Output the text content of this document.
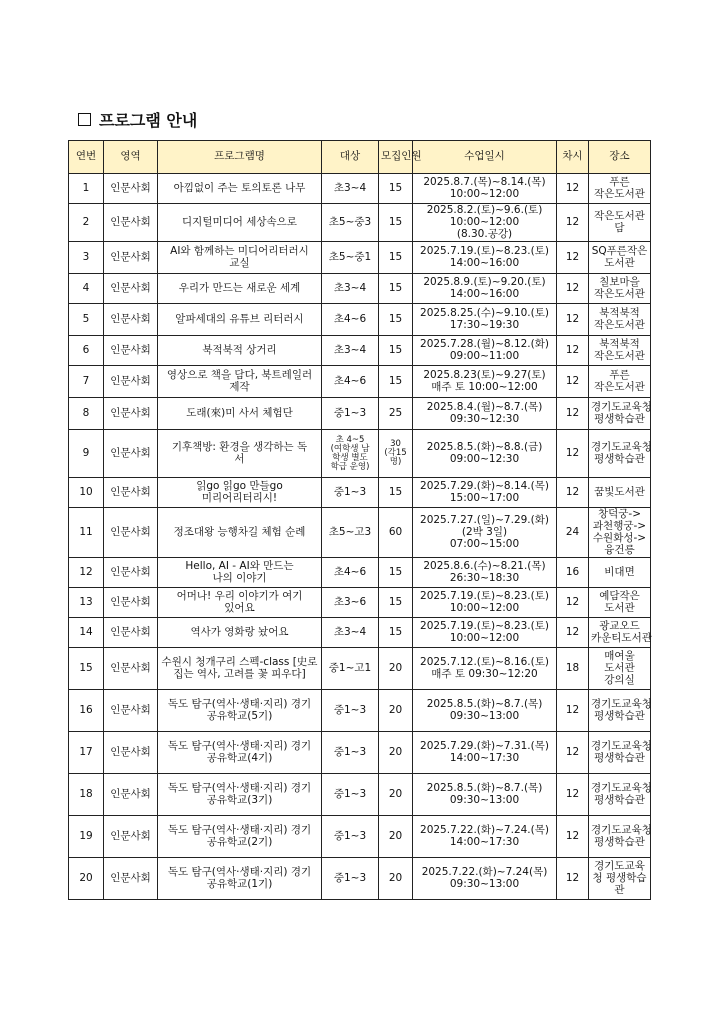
프로그램 안내
연번	영역	프로그램명	대상	모집인원	수업일시	차시	장소

1	인문사회	아낌없이 주는 토의토론 나무	초3~4	15	2025.8.7.(목)~8.14.(목)
10:00~12:00	12	푸른
작은도서관

2	인문사회	디지털미디어 세상속으로	초5~중3	15	2025.8.2.(토)~9.6.(토)
10:00~12:00
(8.30.공강)	12	작은도서관
담

3	인문사회	AI와 함께하는 미디어리터러시
교실	초5~중1	15	2025.7.19.(토)~8.23.(토)
14:00~16:00	12	SQ푸른작은
도서관

4	인문사회	우리가 만드는 새로운 세계	초3~4	15	2025.8.9.(토)~9.20.(토)
14:00~16:00	12	칠보마을
작은도서관

5	인문사회	알파세대의 유튜브 리터러시	초4~6	15	2025.8.25.(수)~9.10.(토)
17:30~19:30	12	북적북적
작은도서관

6	인문사회	북적북적 상거리	초3~4	15	2025.7.28.(월)~8.12.(화)
09:00~11:00	12	북적북적
작은도서관

7	인문사회	영상으로 책을 담다, 북트레일러
제작	초4~6	15	2025.8.23(토)~9.27(토)
매주 토 10:00~12:00	12	푸른
작은도서관

8	인문사회	도래(來)미 사서 체험단	중1~3	25	2025.8.4.(월)~8.7.(목)
09:30~12:30	12	경기도교육청
평생학습관

9	인문사회	기후책방: 환경을 생각하는 독
서	초 4~5
(여학생 남
학생 별도
학급 운영)	30
(각15
명)	2025.8.5.(화)~8.8.(금)
09:00~12:30	12	경기도교육청
평생학습관

10	인문사회	읽go 읽go 만들go 미리어리터리시!	중1~3	15	2025.7.29.(화)~8.14.(목)
15:00~17:00	12	꿈빛도서관

11	인문사회	정조대왕 능행차길 체험 순례	초5~고3	60	2025.7.27.(일)~7.29.(화)
(2박 3일)
07:00~15:00	24	창덕궁->
과천행궁->
수원화성->
융건릉

12	인문사회	Hello, AI - AI와 만드는
나의 이야기	초4~6	15	2025.8.6.(수)~8.21.(목)
26:30~18:30	16	비대면

13	인문사회	어머나! 우리 이야기가 여기
있어요	초3~6	15	2025.7.19.(토)~8.23.(토)
10:00~12:00	12	예담작은
도서관

14	인문사회	역사가 영화랑 놨어요	초3~4	15	2025.7.19.(토)~8.23.(토)
10:00~12:00	12	광교오드
카운티도서관

15	인문사회	수원시 청개구리 스펙-class [史로
집는 역사, 고려를 꽃 피우다]	중1~고1	20	2025.7.12.(토)~8.16.(토)
매주 토 09:30~12:20	18	매여울
도서관
강의실

16	인문사회	독도 탐구(역사·생태·지리) 경기
공유학교(5기)	중1~3	20	2025.8.5.(화)~8.7.(목)
09:30~13:00	12	경기도교육청
평생학습관

17	인문사회	독도 탐구(역사·생태·지리) 경기
공유학교(4기)	중1~3	20	2025.7.29.(화)~7.31.(목)
14:00~17:30	12	경기도교육청
평생학습관

18	인문사회	독도 탐구(역사·생태·지리) 경기
공유학교(3기)	중1~3	20	2025.8.5.(화)~8.7.(목)
09:30~13:00	12	경기도교육청
평생학습관

19	인문사회	독도 탐구(역사·생태·지리) 경기
공유학교(2기)	중1~3	20	2025.7.22.(화)~7.24.(목)
14:00~17:30	12	경기도교육청
평생학습관

20	인문사회	독도 탐구(역사·생태·지리) 경기
공유학교(1기)	중1~3	20	2025.7.22.(화)~7.24(목)
09:30~13:00	12	경기도교육
청 평생학습
관
